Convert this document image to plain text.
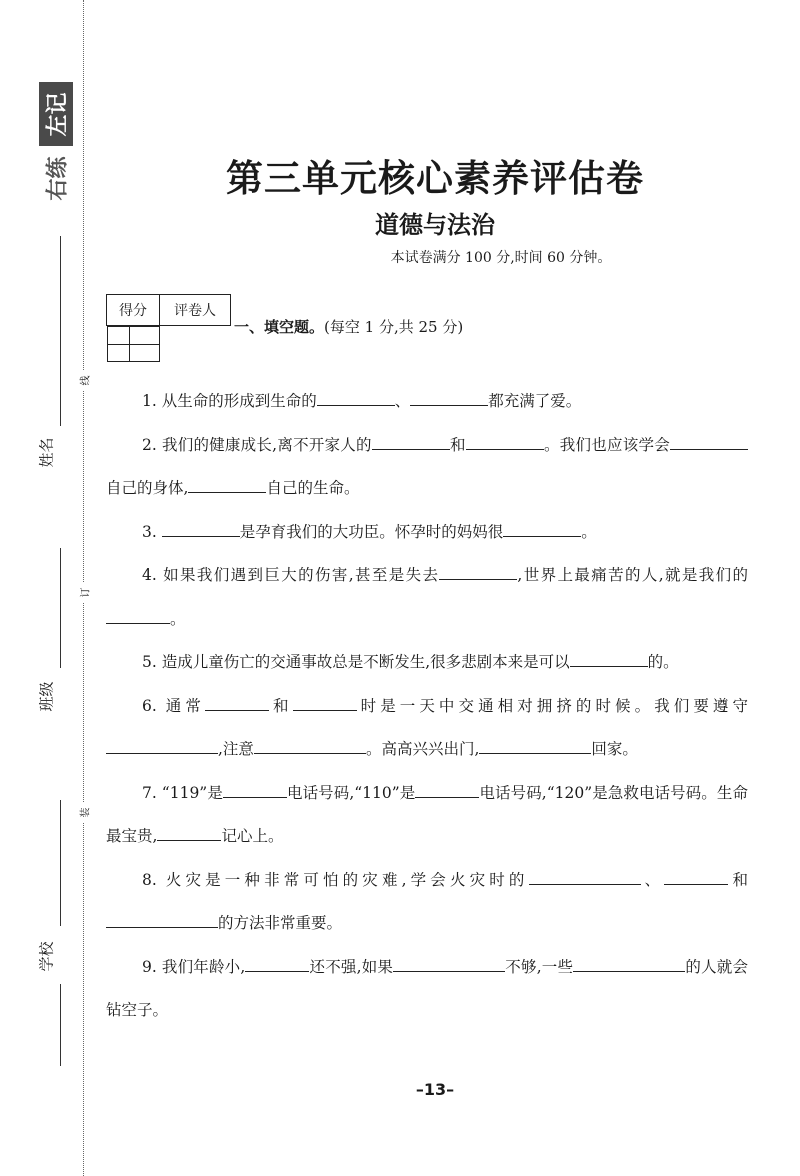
左记
右练
姓名
班级
学校
线
订
装
第三单元核心素养评估卷
道德与法治
本试卷满分 100 分,时间 60 分钟。
得分	评卷人

一、填空题。(每空 1 分,共 25 分)

1. 从生命的形成到生命的	、	都充满了爱。

2. 我们的健康成长,离不开家人的	和	。我们也应该学会自己的身体,	自己的生命。

3.	是孕育我们的大功臣。怀孕时的妈妈很	。

4. 如果我们遇到巨大的伤害,甚至是失去	,世界上最痛苦的人,就是我们的。

5. 造成儿童伤亡的交通事故总是不断发生,很多悲剧本来是可以	的。

6. 通常	和	时是一天中交通相对拥挤的时候。我们要遵守,注意	。高高兴兴出门,	回家。

7. “119”是	电话号码,“110”是	电话号码,“120”是急救电话号码。生命最宝贵,	记心上。

8. 火灾是一种非常可怕的灾难,学会火灾时的	、	和的方法非常重要。

9. 我们年龄小,	还不强,如果	不够,一些	的人就会钻空子。

–13–
